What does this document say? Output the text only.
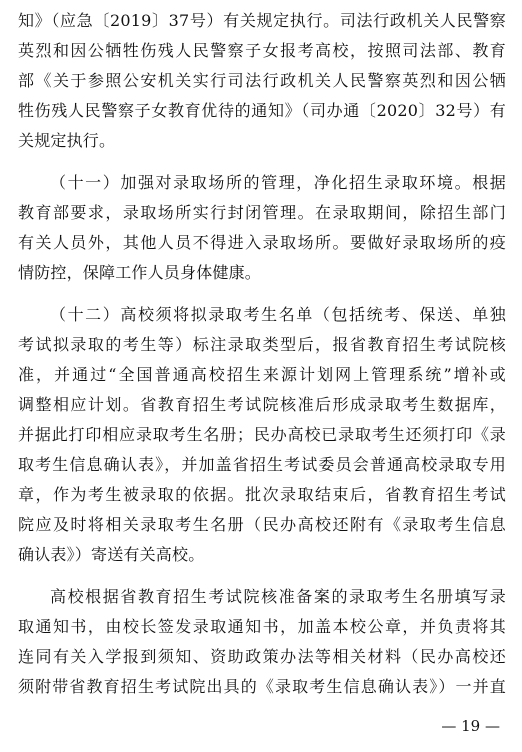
知》（应急〔2019〕37号）有关规定执行。司法行政机关人民警察
英烈和因公牺牲伤残人民警察子女报考高校，按照司法部、教育
部《关于参照公安机关实行司法行政机关人民警察英烈和因公牺
牲伤残人民警察子女教育优待的通知》（司办通〔2020〕32号）有
关规定执行。

（十一）加强对录取场所的管理，净化招生录取环境。根据
教育部要求，录取场所实行封闭管理。在录取期间，除招生部门
有关人员外，其他人员不得进入录取场所。要做好录取场所的疫
情防控，保障工作人员身体健康。

（十二）高校须将拟录取考生名单（包括统考、保送、单独
考试拟录取的考生等）标注录取类型后，报省教育招生考试院核
准，并通过“全国普通高校招生来源计划网上管理系统”增补或
调整相应计划。省教育招生考试院核准后形成录取考生数据库，
并据此打印相应录取考生名册；民办高校已录取考生还须打印《录
取考生信息确认表》，并加盖省招生考试委员会普通高校录取专用
章，作为考生被录取的依据。批次录取结束后，省教育招生考试
院应及时将相关录取考生名册（民办高校还附有《录取考生信息
确认表》）寄送有关高校。

高校根据省教育招生考试院核准备案的录取考生名册填写录
取通知书，由校长签发录取通知书，加盖本校公章，并负责将其
连同有关入学报到须知、资助政策办法等相关材料（民办高校还
须附带省教育招生考试院出具的《录取考生信息确认表》）一并直

— 19 —
